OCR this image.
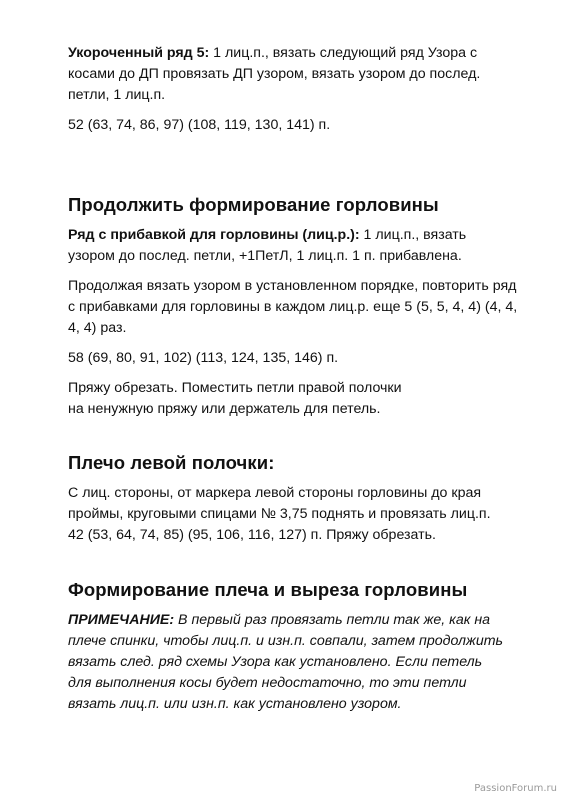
Укороченный ряд 5: 1 лиц.п., вязать следующий ряд Узора с косами до ДП провязать ДП узором, вязать узором до послед. петли, 1 лиц.п.

52 (63, 74, 86, 97) (108, 119, 130, 141) п.

Продолжить формирование горловины

Ряд с прибавкой для горловины (лиц.р.): 1 лиц.п., вязать узором до послед. петли, +1ПетЛ, 1 лиц.п. 1 п. прибавлена.

Продолжая вязать узором в установленном порядке, повторить ряд с прибавками для горловины в каждом лиц.р. еще 5 (5, 5, 4, 4) (4, 4, 4, 4) раз.

58 (69, 80, 91, 102) (113, 124, 135, 146) п.

Пряжу обрезать. Поместить петли правой полочки на ненужную пряжу или держатель для петель.

Плечо левой полочки:

С лиц. стороны, от маркера левой стороны горловины до края проймы, круговыми спицами № 3,75 поднять и провязать лиц.п. 42 (53, 64, 74, 85) (95, 106, 116, 127) п. Пряжу обрезать.

Формирование плеча и выреза горловины

ПРИМЕЧАНИЕ: В первый раз провязать петли так же, как на плече спинки, чтобы лиц.п. и изн.п. совпали, затем продолжить вязать след. ряд схемы Узора как установлено. Если петель для выполнения косы будет недостаточно, то эти петли вязать лиц.п. или изн.п. как установлено узором.

PassionForum.ru
